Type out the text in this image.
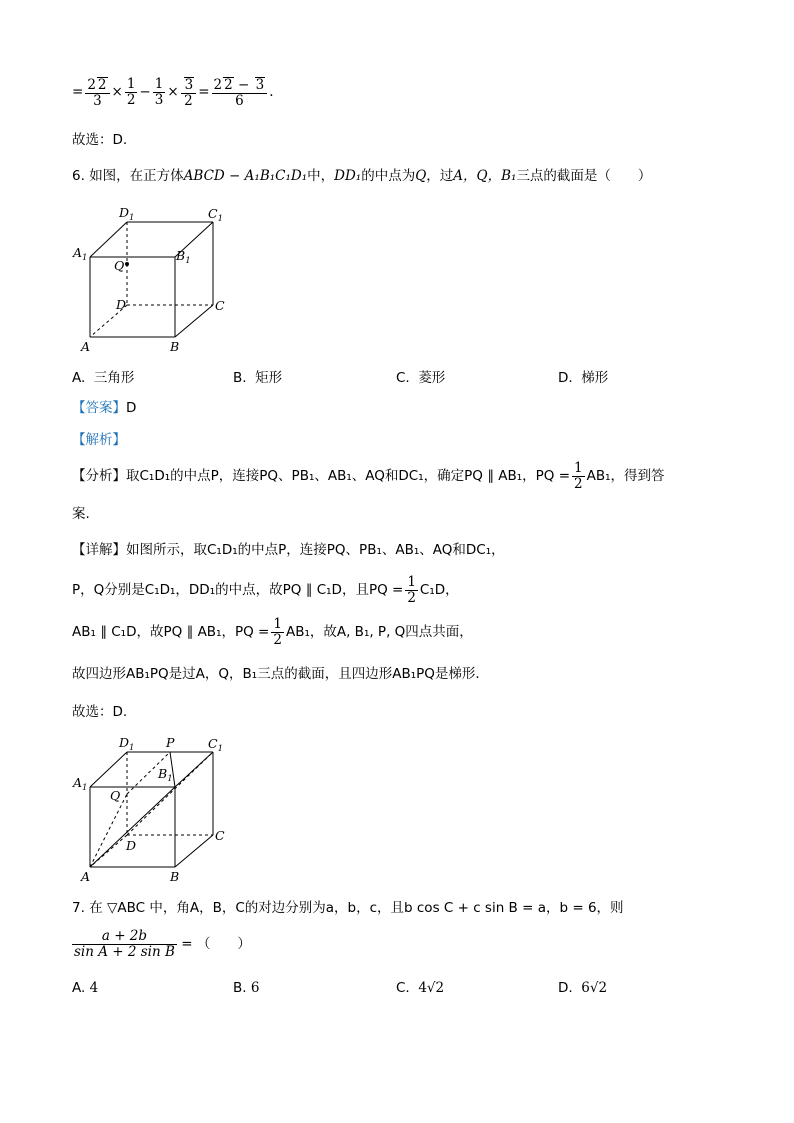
= $\frac{2 2}{3} \times \frac{1}{2} - \frac{1}{3} \times \frac{3}{2} = \frac{2 2 - 3}{6}$ .
故选：D.
6. 如图，在正方体ABCD − A₁B₁C₁D₁中，DD₁的中点为Q，过A，Q，B₁三点的截面是（　　）
$D_1$	$C_1$
$A_1$	$B_1$
Q
D	C
A	B
A. 三角形	B. 矩形	C. 菱形	D. 梯形
【答案】D
【解析】
【分析】取C₁D₁的中点P，连接PQ、PB₁、AB₁、AQ和DC₁，确定PQ ∥ AB₁，PQ = $\frac{1}{2} AB_1$，得到答
案.
【详解】如图所示，取C₁D₁的中点P，连接PQ、PB₁、AB₁、AQ和DC₁，
P，Q分别是C₁D₁，DD₁的中点，故PQ ∥ C₁D，且PQ = $\frac{1}{2} C_1D$，
AB₁ ∥ C₁D，故PQ ∥ AB₁，PQ = $\frac{1}{2} AB_1$，故A, B₁, P, Q四点共面，
故四边形AB₁PQ是过A，Q，B₁三点的截面，且四边形AB₁PQ是梯形.
故选：D.
$D_1$	P	$C_1$
$A_1$
$B_1$
Q
D
C
A	B
7. 在 ▽ABC 中，角A，B，C的对边分别为a，b，c，且b cos C + c sin B = a，b = 6，则
$\frac{a + 2b}{\text{sin A + 2 sin B}}$ = （　　）
A. 4	B. 6	C. 4√2	D. 6√2
